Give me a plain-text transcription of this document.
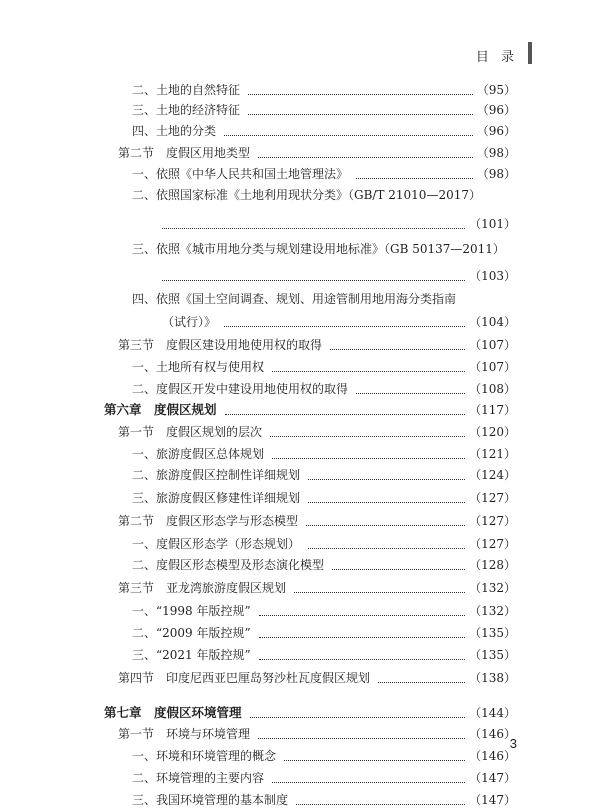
目 录
二、土地的自然特征	（95）
三、土地的经济特征	（96）
四、土地的分类	（96）
第二节　度假区用地类型	（98）
一、依照《中华人民共和国土地管理法》	（98）
二、依照国家标准《土地利用现状分类》（GB/T 21010—2017）
（101）
三、依照《城市用地分类与规划建设用地标准》（GB 50137—2011）
（103）
四、依照《国土空间调查、规划、用途管制用地用海分类指南
（试行）》	（104）
第三节　度假区建设用地使用权的取得	（107）
一、土地所有权与使用权	（107）
二、度假区开发中建设用地使用权的取得	（108）
第六章　度假区规划	（117）
第一节　度假区规划的层次	（120）
一、旅游度假区总体规划	（121）
二、旅游度假区控制性详细规划	（124）
三、旅游度假区修建性详细规划	（127）
第二节　度假区形态学与形态模型	（127）
一、度假区形态学（形态规划）	（127）
二、度假区形态模型及形态演化模型	（128）
第三节　亚龙湾旅游度假区规划	（132）
一、“1998 年版控规”	（132）
二、“2009 年版控规”	（135）
三、“2021 年版控规”	（135）
第四节　印度尼西亚巴厘岛努沙杜瓦度假区规划	（138）
第七章　度假区环境管理	（144）
第一节　环境与环境管理	（146）
一、环境和环境管理的概念	（146）
二、环境管理的主要内容	（147）
三、我国环境管理的基本制度	（147）
3
